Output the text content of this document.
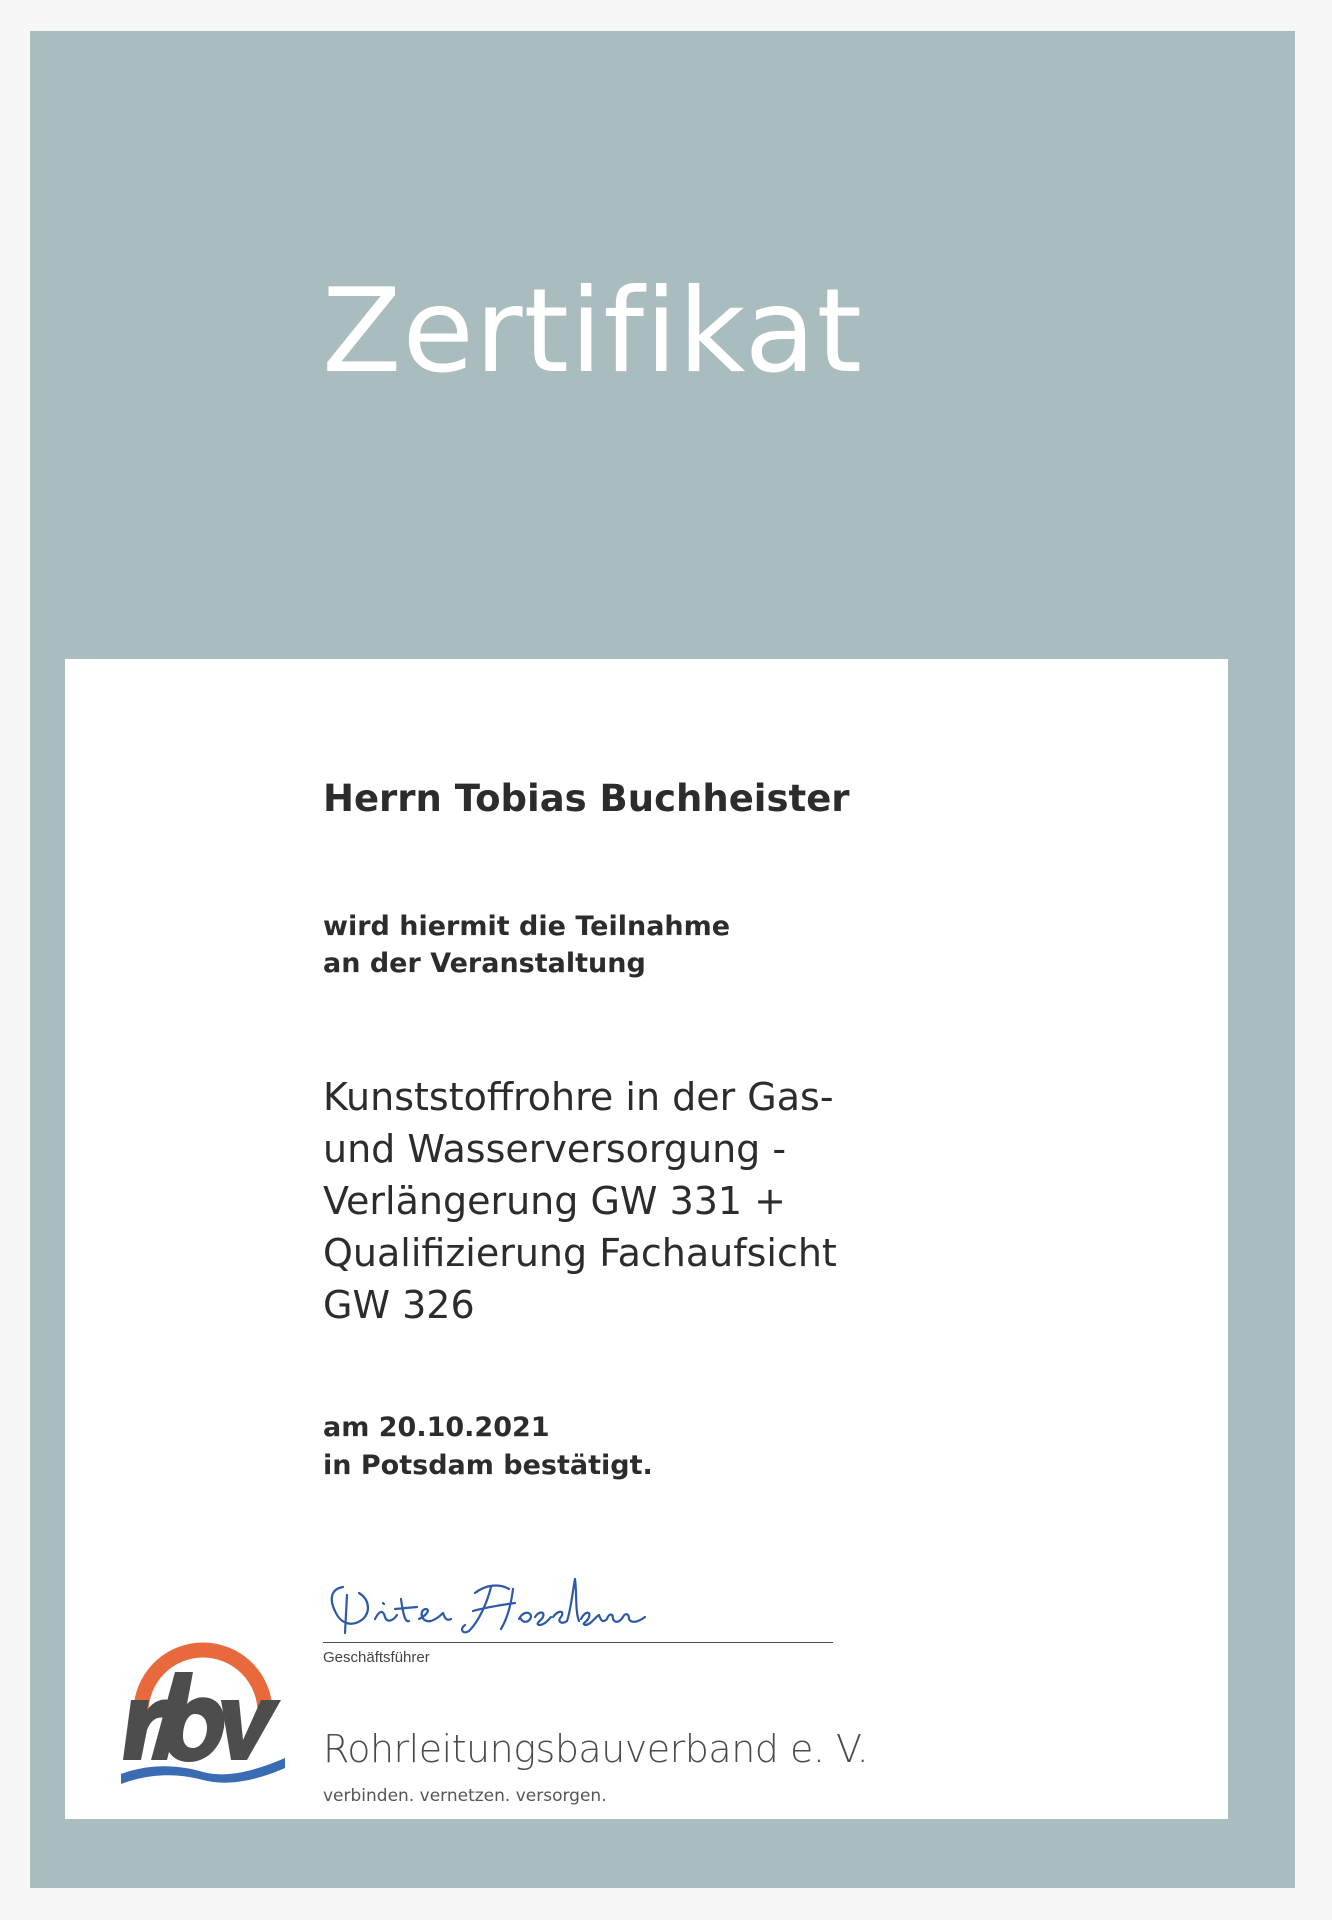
Zertifikat
Herrn Tobias Buchheister
wird hiermit die Teilnahme
an der Veranstaltung
Kunststoffrohre in der Gas-
und Wasserversorgung -
Verlängerung GW 331 +
Qualifizierung Fachaufsicht
GW 326
am 20.10.2021
in Potsdam bestätigt.
Geschäftsführer
Rohrleitungsbauverband e. V.
verbinden. vernetzen. versorgen.
